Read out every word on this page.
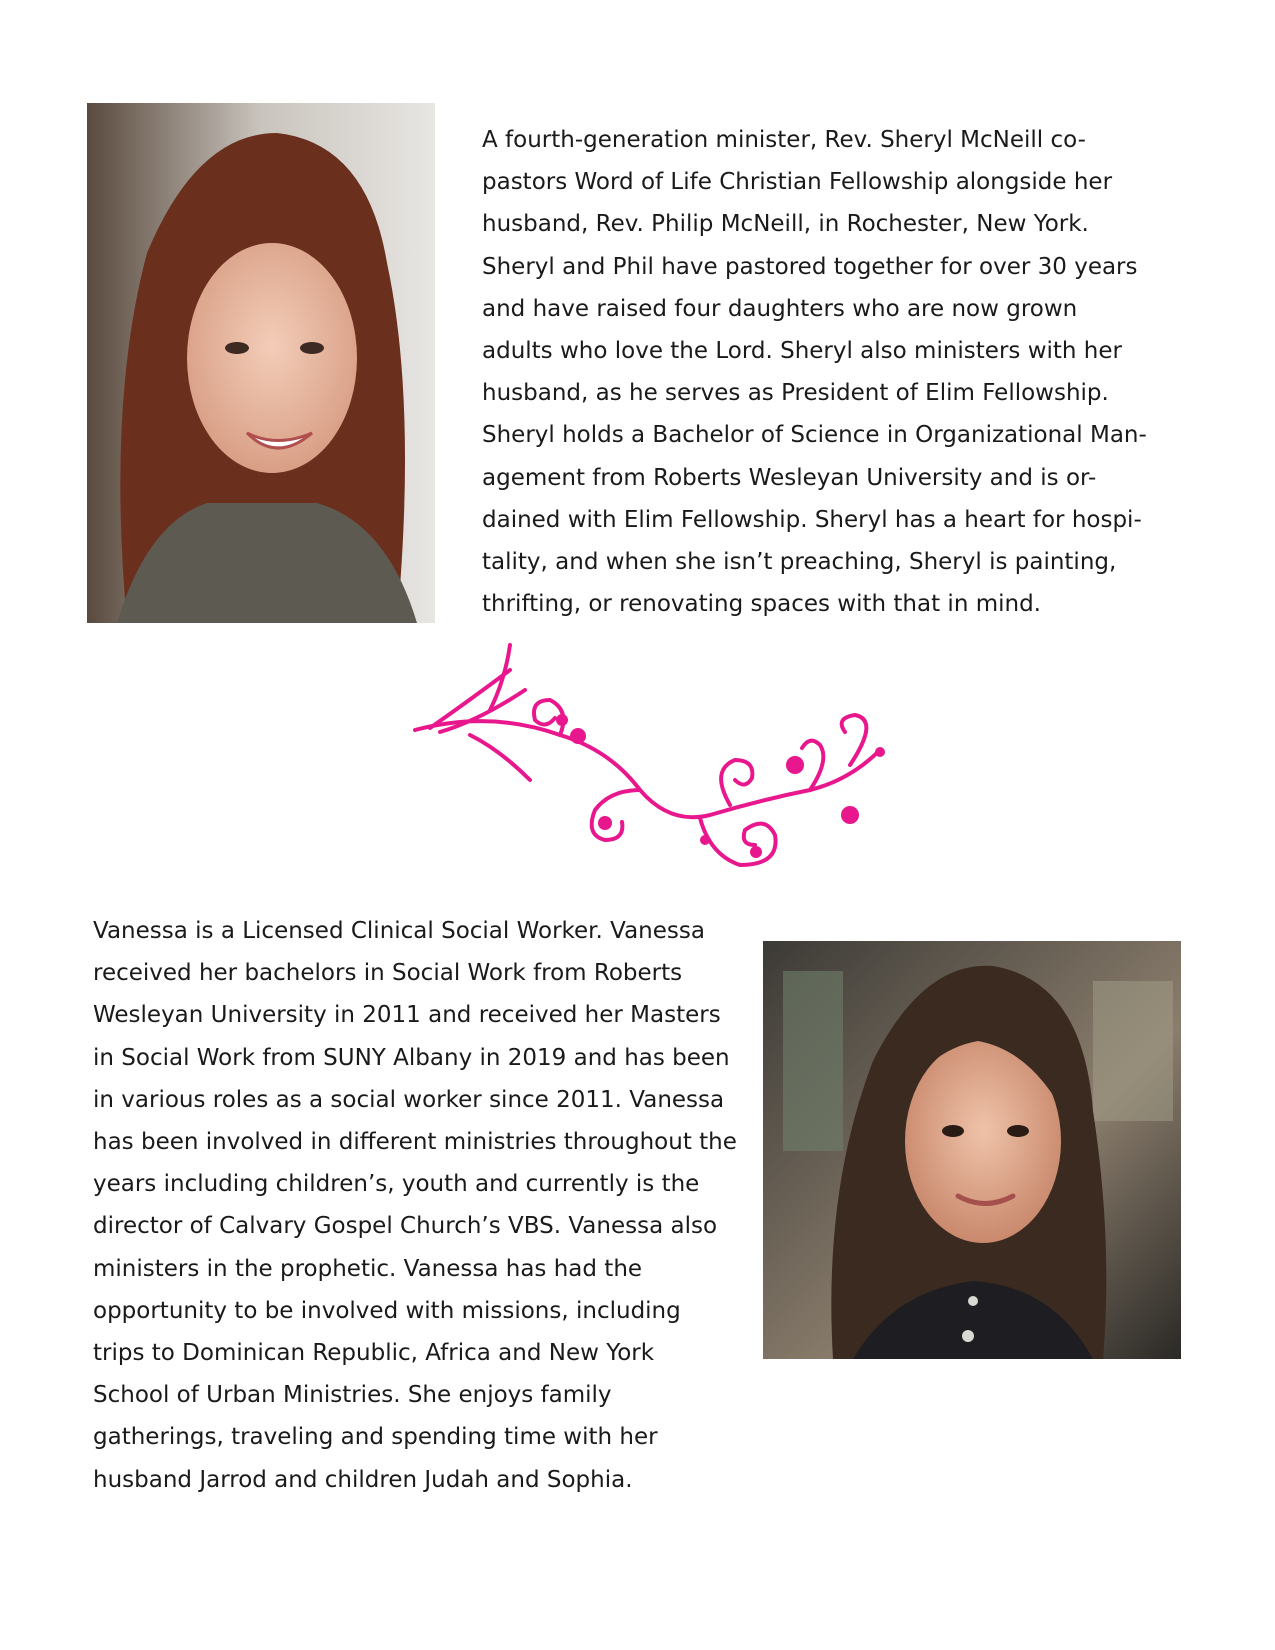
A fourth-generation minister, Rev. Sheryl McNeill co-
pastors Word of Life Christian Fellowship alongside her
husband, Rev. Philip McNeill, in Rochester, New York.
Sheryl and Phil have pastored together for over 30 years
and have raised four daughters who are now grown
adults who love the Lord. Sheryl also ministers with her
husband, as he serves as President of Elim Fellowship.
Sheryl holds a Bachelor of Science in Organizational Man-
agement from Roberts Wesleyan University and is or-
dained with Elim Fellowship. Sheryl has a heart for hospi-
tality, and when she isn’t preaching, Sheryl is painting,
thrifting, or renovating spaces with that in mind.
Vanessa is a Licensed Clinical Social Worker. Vanessa
received her bachelors in Social Work from Roberts
Wesleyan University in 2011 and received her Masters
in Social Work from SUNY Albany in 2019 and has been
in various roles as a social worker since 2011. Vanessa
has been involved in different ministries throughout the
years including children’s, youth and currently is the
director of Calvary Gospel Church’s VBS. Vanessa also
ministers in the prophetic. Vanessa has had the
opportunity to be involved with missions, including
trips to Dominican Republic, Africa and New York
School of Urban Ministries. She enjoys family
gatherings, traveling and spending time with her
husband Jarrod and children Judah and Sophia.
